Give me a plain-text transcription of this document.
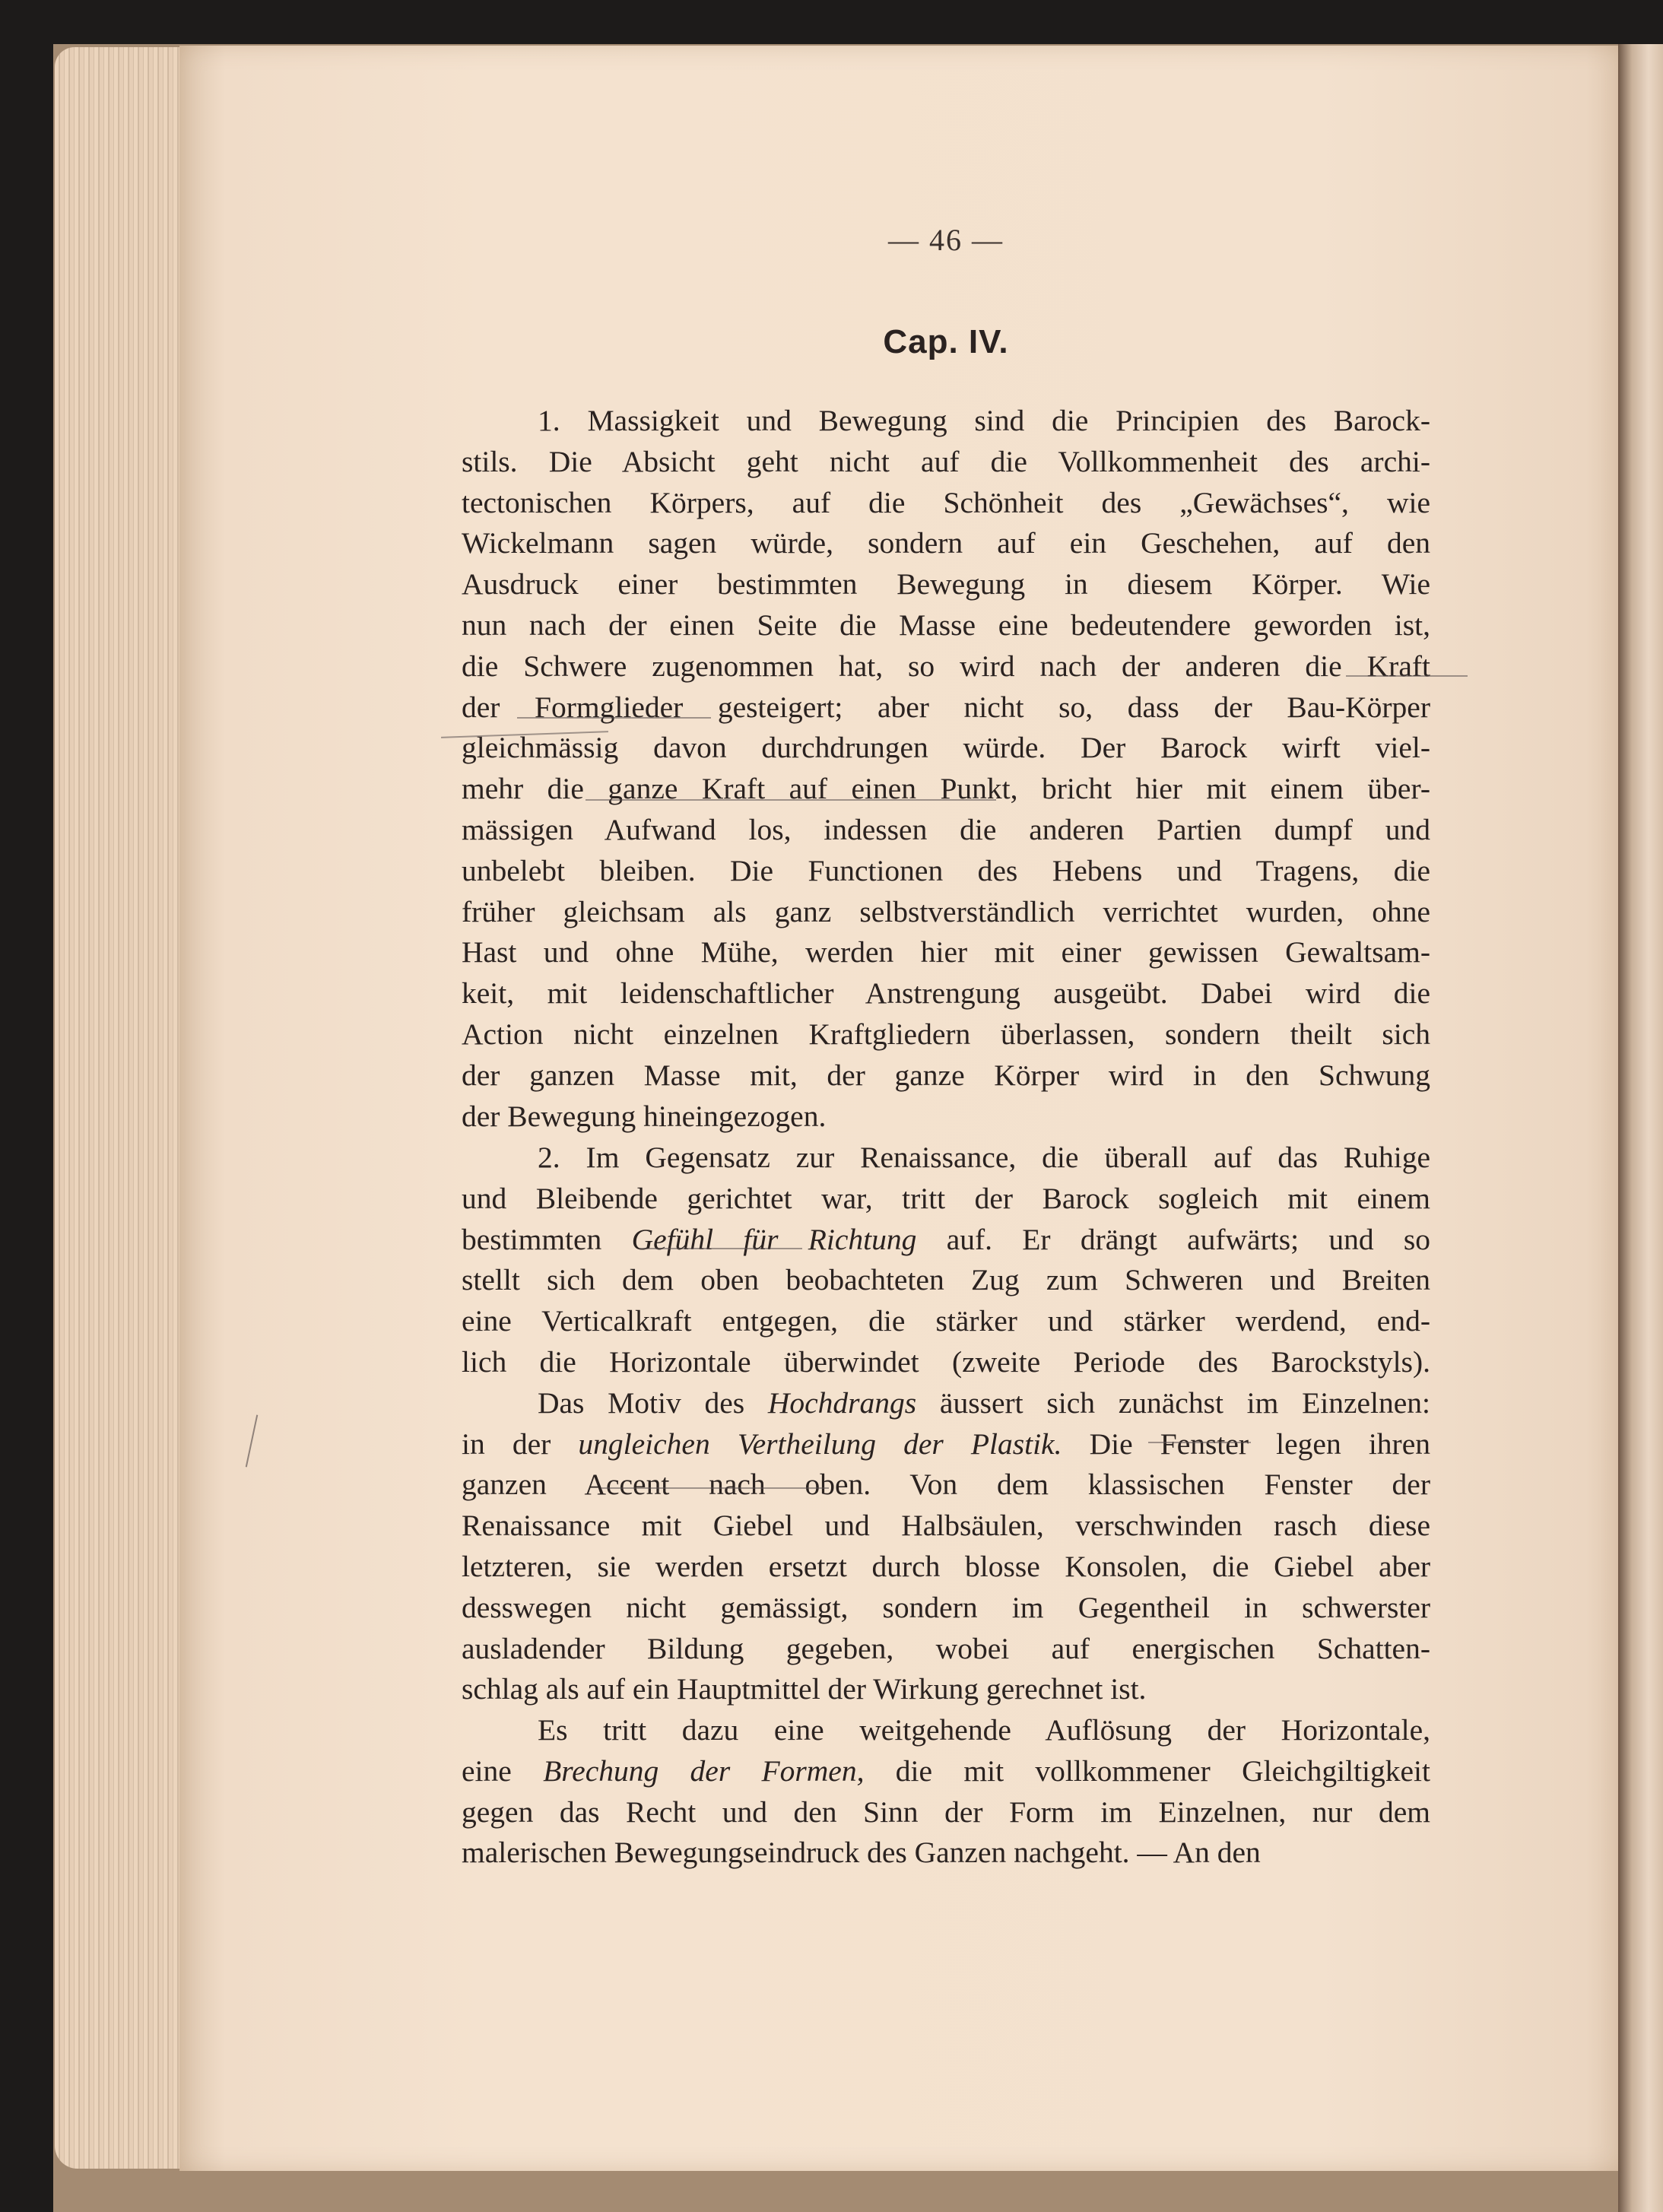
— 46 —
Cap. IV.
1. Massigkeit und Bewegung sind die Principien des Barock-
stils. Die Absicht geht nicht auf die Vollkommenheit des archi-
tectonischen Körpers, auf die Schönheit des „Gewächses“, wie
Wickelmann sagen würde, sondern auf ein Geschehen, auf den
Ausdruck einer bestimmten Bewegung in diesem Körper. Wie
nun nach der einen Seite die Masse eine bedeutendere geworden ist,
die Schwere zugenommen hat, so wird nach der anderen die Kraft
der Formglieder gesteigert; aber nicht so, dass der Bau-Körper
gleichmässig davon durchdrungen würde. Der Barock wirft viel-
mehr die ganze Kraft auf einen Punkt, bricht hier mit einem über-
mässigen Aufwand los, indessen die anderen Partien dumpf und
unbelebt bleiben. Die Functionen des Hebens und Tragens, die
früher gleichsam als ganz selbstverständlich verrichtet wurden, ohne
Hast und ohne Mühe, werden hier mit einer gewissen Gewaltsam-
keit, mit leidenschaftlicher Anstrengung ausgeübt. Dabei wird die
Action nicht einzelnen Kraftgliedern überlassen, sondern theilt sich
der ganzen Masse mit, der ganze Körper wird in den Schwung
der Bewegung hineingezogen.
2. Im Gegensatz zur Renaissance, die überall auf das Ruhige
und Bleibende gerichtet war, tritt der Barock sogleich mit einem
bestimmten Gefühl für Richtung auf. Er drängt aufwärts; und so
stellt sich dem oben beobachteten Zug zum Schweren und Breiten
eine Verticalkraft entgegen, die stärker und stärker werdend, end-
lich die Horizontale überwindet (zweite Periode des Barockstyls).
Das Motiv des Hochdrangs äussert sich zunächst im Einzelnen:
in der ungleichen Vertheilung der Plastik. Die Fenster legen ihren
ganzen Accent nach oben. Von dem klassischen Fenster der
Renaissance mit Giebel und Halbsäulen, verschwinden rasch diese
letzteren, sie werden ersetzt durch blosse Konsolen, die Giebel aber
desswegen nicht gemässigt, sondern im Gegentheil in schwerster
ausladender Bildung gegeben, wobei auf energischen Schatten-
schlag als auf ein Hauptmittel der Wirkung gerechnet ist.
Es tritt dazu eine weitgehende Auflösung der Horizontale,
eine Brechung der Formen, die mit vollkommener Gleichgiltigkeit
gegen das Recht und den Sinn der Form im Einzelnen, nur dem
malerischen Bewegungseindruck des Ganzen nachgeht. — An den
